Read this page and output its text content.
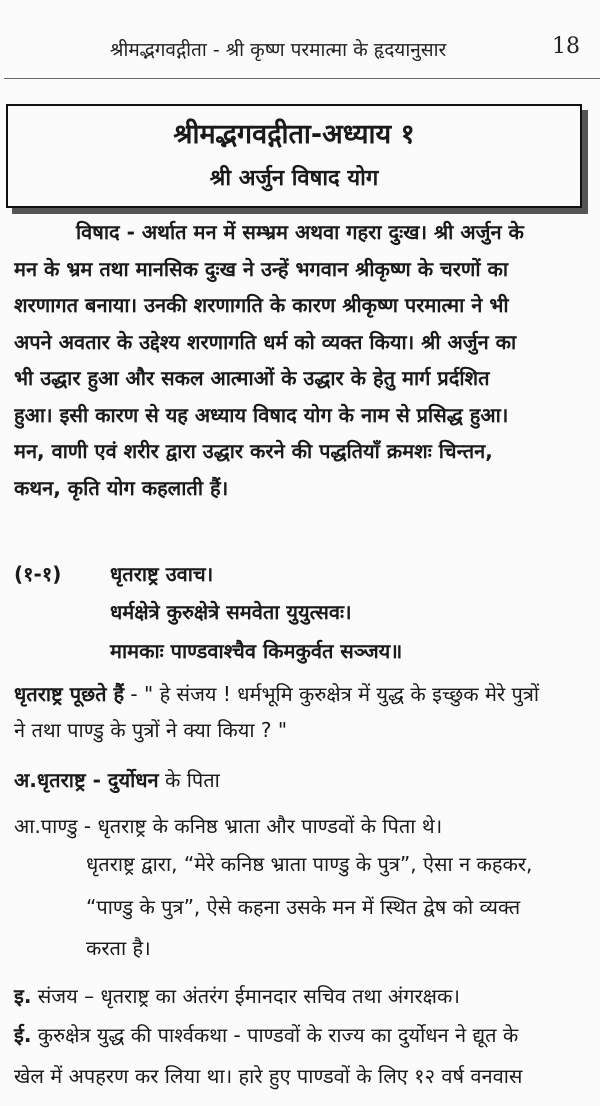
श्रीमद्भगवद्गीता - श्री कृष्ण परमात्मा के हृदयानुसार	18
श्रीमद्भगवद्गीता-अध्याय १
श्री अर्जुन विषाद योग
विषाद - अर्थात मन में सम्भ्रम अथवा गहरा दुःख। श्री अर्जुन के
मन के भ्रम तथा मानसिक दुःख ने उन्हें भगवान श्रीकृष्ण के चरणों का
शरणागत बनाया। उनकी शरणागति के कारण श्रीकृष्ण परमात्मा ने भी
अपने अवतार के उद्देश्य शरणागति धर्म को व्यक्त किया। श्री अर्जुन का
भी उद्धार हुआ और सकल आत्माओं के उद्धार के हेतु मार्ग प्रर्दशित
हुआ। इसी कारण से यह अध्याय विषाद योग के नाम से प्रसिद्ध हुआ।
मन, वाणी एवं शरीर द्वारा उद्धार करने की पद्धतियाँ क्रमशः चिन्तन,
कथन, कृति योग कहलाती हैं।
(१-१) धृतराष्ट्र उवाच।
धर्मक्षेत्रे कुरुक्षेत्रे समवेता युयुत्सवः।
मामकाः पाण्डवाश्चैव किमकुर्वत सञ्जय॥
धृतराष्ट्र पूछते हैं - " हे संजय ! धर्मभूमि कुरुक्षेत्र में युद्ध के इच्छुक मेरे पुत्रों
ने तथा पाण्डु के पुत्रों ने क्या किया ? "
अ.धृतराष्ट्र - दुर्योधन के पिता
आ.पाण्डु - धृतराष्ट्र के कनिष्ठ भ्राता और पाण्डवों के पिता थे।
धृतराष्ट्र द्वारा, “मेरे कनिष्ठ भ्राता पाण्डु के पुत्र”, ऐसा न कहकर,
“पाण्डु के पुत्र”, ऐसे कहना उसके मन में स्थित द्वेष को व्यक्त
करता है।
इ. संजय – धृतराष्ट्र का अंतरंग ईमानदार सचिव तथा अंगरक्षक।
ई. कुरुक्षेत्र युद्ध की पार्श्वकथा - पाण्डवों के राज्य का दुर्योधन ने द्यूत के
खेल में अपहरण कर लिया था। हारे हुए पाण्डवों के लिए १२ वर्ष वनवास
